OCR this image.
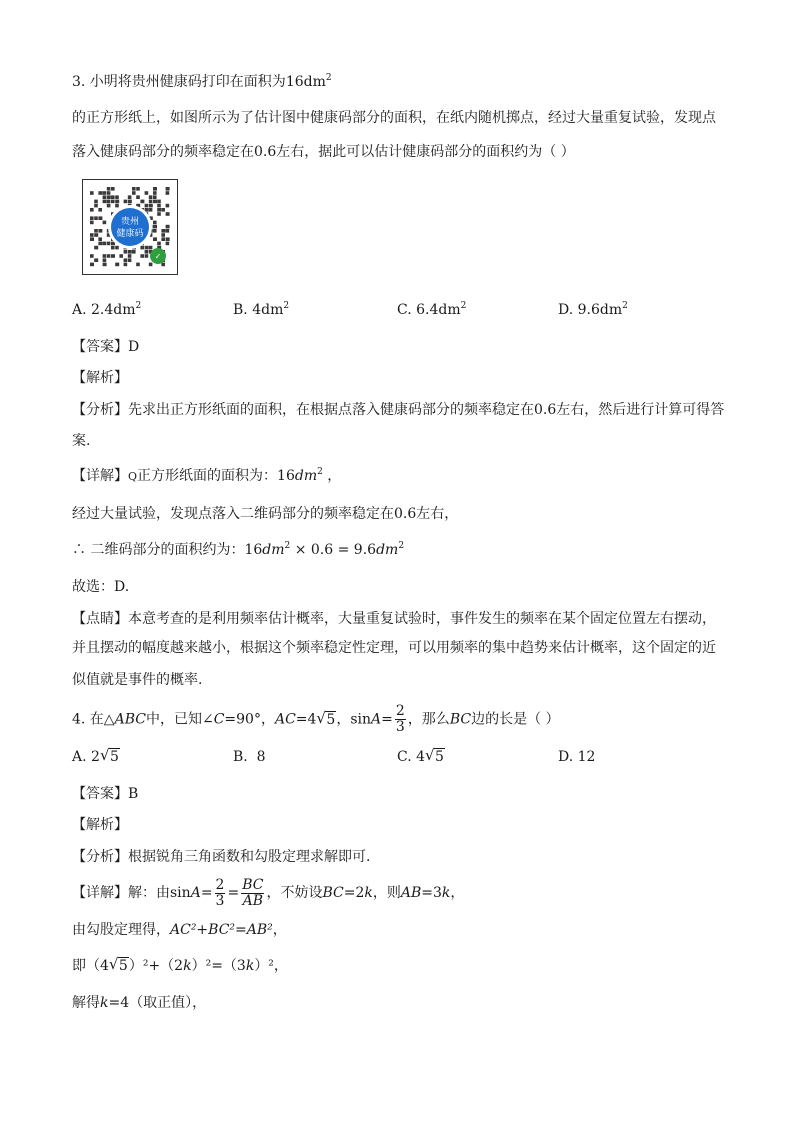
3. 小明将贵州健康码打印在面积为$16dm^2$
的正方形纸上，如图所示为了估计图中健康码部分的面积，在纸内随机掷点，经过大量重复试验，发现点
落入健康码部分的频率稳定在0.6左右，据此可以估计健康码部分的面积约为（ ）
贵州
健康码
✓
A. $2.4dm^2$	B. $4dm^2$	C. $6.4dm^2$	D. $9.6dm^2$
【答案】D
【解析】
【分析】先求出正方形纸面的面积，在根据点落入健康码部分的频率稳定在0.6左右，然后进行计算可得答
案.
【详解】Q正方形纸面的面积为：$16dm^2$ ，
经过大量试验，发现点落入二维码部分的频率稳定在0.6左右，
∴ 二维码部分的面积约为：$16dm^2 \times 0.6 = 9.6dm^2$
故选：D.
【点睛】本意考查的是利用频率估计概率，大量重复试验时，事件发生的频率在某个固定位置左右摆动，
并且摆动的幅度越来越小，根据这个频率稳定性定理，可以用频率的集中趋势来估计概率，这个固定的近
似值就是事件的概率.
4. 在△ABC中，已知∠C=90°，AC=4 √ 5，$\sin A= \frac{2}{3}$ ，那么BC边的长是（ ）
A. 2 √ 5	B. 8	C. 4 √ 5	D. 12
【答案】B
【解析】
【分析】根据锐角三角函数和勾股定理求解即可.
【详解】解：由$\sin A= \frac{2}{3} = \frac{BC}{AB}$ ，不妨设BC=2k，则AB=3k，
由勾股定理得，AC²+BC²=AB²，
即（4 √ 5）²+（2k）²=（3k）²，
解得k=4（取正值），
